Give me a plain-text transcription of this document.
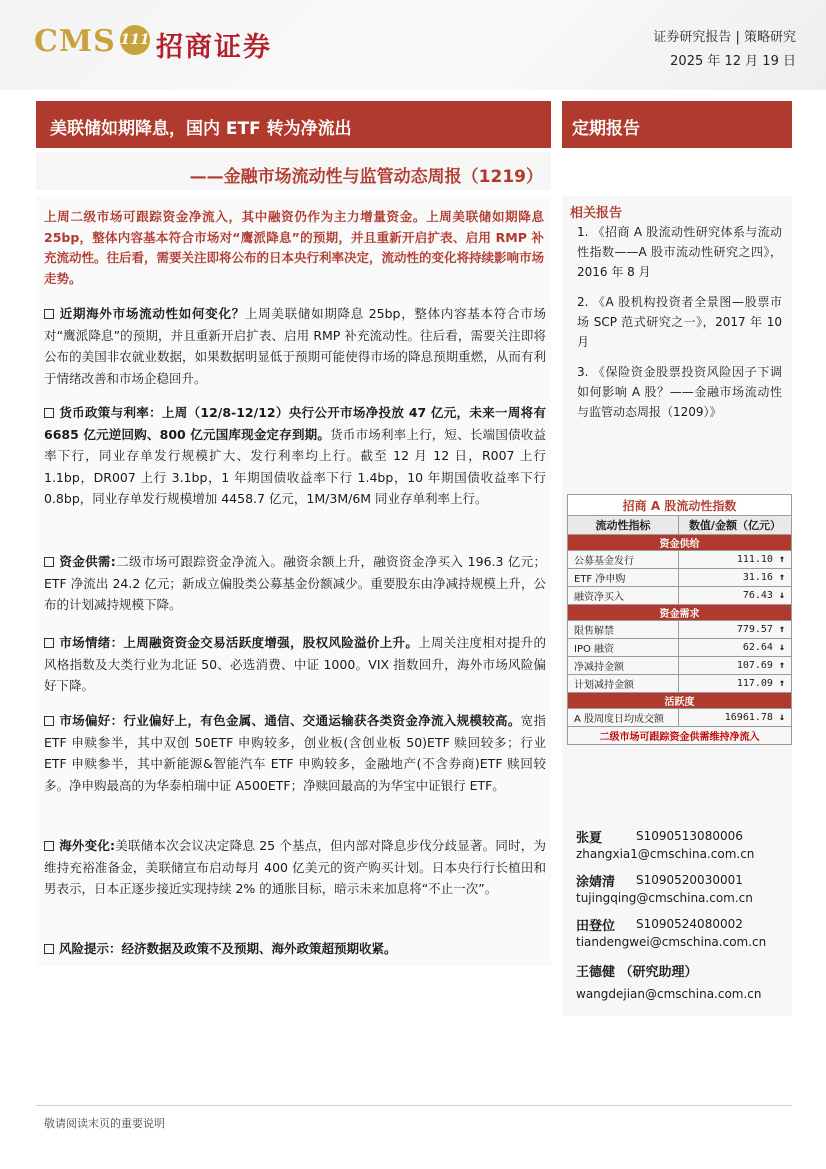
CMS 111 招商证券	证券研究报告 | 策略研究
2025 年 12 月 19 日
美联储如期降息，国内 ETF 转为净流出	定期报告
——金融市场流动性与监管动态周报（1219）
上周二级市场可跟踪资金净流入，其中融资仍作为主力增量资金。上周美联储如期降息 25bp，整体内容基本符合市场对“鹰派降息”的预期，并且重新开启扩表、启用 RMP 补充流动性。往后看，需要关注即将公布的日本央行利率决定，流动性的变化将持续影响市场走势。
近期海外市场流动性如何变化？上周美联储如期降息 25bp，整体内容基本符合市场对“鹰派降息”的预期，并且重新开启扩表、启用 RMP 补充流动性。往后看，需要关注即将公布的美国非农就业数据，如果数据明显低于预期可能使得市场的降息预期重燃，从而有利于情绪改善和市场企稳回升。
货币政策与利率：上周（12/8-12/12）央行公开市场净投放 47 亿元，未来一周将有 6685 亿元逆回购、800 亿元国库现金定存到期。货币市场利率上行，短、长端国债收益率下行，同业存单发行规模扩大、发行利率均上行。截至 12 月 12 日，R007 上行 1.1bp，DR007 上行 3.1bp，1 年期国债收益率下行 1.4bp，10 年期国债收益率下行 0.8bp，同业存单发行规模增加 4458.7 亿元，1M/3M/6M 同业存单利率上行。
资金供需:二级市场可跟踪资金净流入。融资余额上升，融资资金净买入 196.3 亿元；ETF 净流出 24.2 亿元；新成立偏股类公募基金份额减少。重要股东由净减持规模上升，公布的计划减持规模下降。
市场情绪：上周融资资金交易活跃度增强，股权风险溢价上升。上周关注度相对提升的风格指数及大类行业为北证 50、必选消费、中证 1000。VIX 指数回升，海外市场风险偏好下降。
市场偏好：行业偏好上，有色金属、通信、交通运输获各类资金净流入规模较高。宽指 ETF 申赎参半，其中双创 50ETF 申购较多，创业板(含创业板 50)ETF 赎回较多；行业 ETF 申赎参半，其中新能源&智能汽车 ETF 申购较多，金融地产(不含券商)ETF 赎回较多。净申购最高的为华泰柏瑞中证 A500ETF；净赎回最高的为华宝中证银行 ETF。
海外变化:美联储本次会议决定降息 25 个基点，但内部对降息步伐分歧显著。同时，为维持充裕准备金，美联储宣布启动每月 400 亿美元的资产购买计划。日本央行行长植田和男表示，日本正逐步接近实现持续 2% 的通胀目标，暗示未来加息将“不止一次”。
风险提示：经济数据及政策不及预期、海外政策超预期收紧。
相关报告
1. 《招商 A 股流动性研究体系与流动性指数——A 股市流动性研究之四》，2016 年 8 月
2. 《A 股机构投资者全景图—股票市场 SCP 范式研究之一》，2017 年 10 月
3. 《保险资金股票投资风险因子下调如何影响 A 股？——金融市场流动性与监管动态周报（1209）》
招商 A 股流动性指数	
流动性指标	数值/金额（亿元）
资金供给	
公募基金发行	111.10 ↑
ETF 净申购	31.16 ↑
融资净买入	76.43 ↓
资金需求	
限售解禁	779.57 ↑
IPO 融资	62.64 ↓
净减持金额	107.69 ↑
计划减持金额	117.09 ↑
活跃度	
A 股周度日均成交额	16961.78 ↓
二级市场可跟踪资金供需维持净流入	
张夏	S1090513080006
zhangxia1@cmschina.com.cn
涂婧清 S1090520030001
tujingqing@cmschina.com.cn
田登位 S1090524080002
tiandengwei@cmschina.com.cn
王德健 （研究助理）
wangdejian@cmschina.com.cn
敬请阅读末页的重要说明
